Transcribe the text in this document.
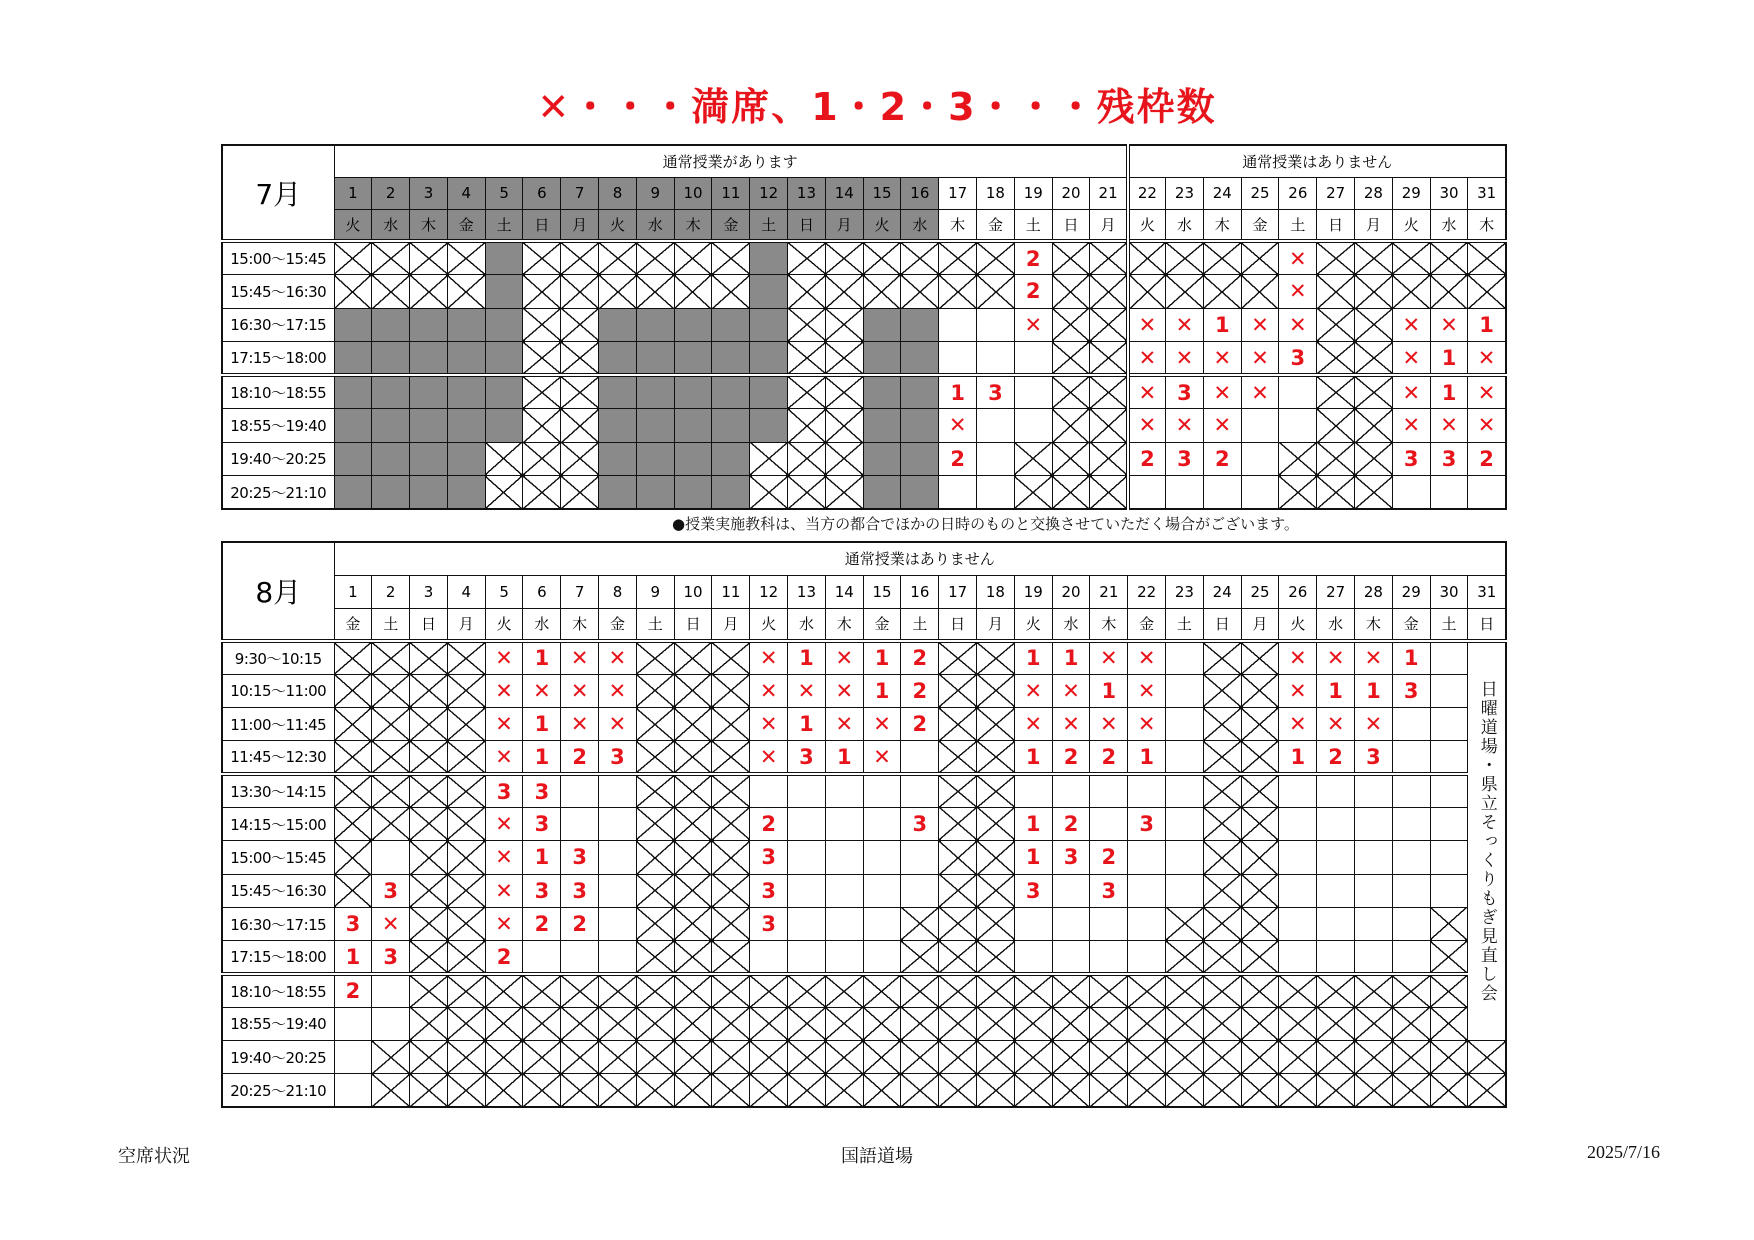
✕・・・満席、1・2・3・・・残枠数
7月	通常授業があります																					通常授業はありません									
	1	2	3	4	5	6	7	8	9	10	11	12	13	14	15	16	17	18	19	20	21	22	23	24	25	26	27	28	29	30	31
	火	水	木	金	土	日	月	火	水	木	金	土	日	月	火	水	木	金	土	日	月	火	水	木	金	土	日	月	火	水	木
15:00～15:45																			2							✕					
15:45～16:30																			2							✕					
16:30～17:15																			✕			✕	✕	1	✕	✕			✕	✕	1
17:15～18:00																						✕	✕	✕	✕	3			✕	1	✕
18:10～18:55																	1	3				✕	3	✕	✕				✕	1	✕
18:55～19:40																	✕					✕	✕	✕					✕	✕	✕
19:40～20:25																	2					2	3	2					3	3	2
20:25～21:10																															
●授業実施教科は、当方の都合でほかの日時のものと交換させていただく場合がございます。
8月	通常授業はありません																														
	1	2	3	4	5	6	7	8	9	10	11	12	13	14	15	16	17	18	19	20	21	22	23	24	25	26	27	28	29	30	31
	金	土	日	月	火	水	木	金	土	日	月	火	水	木	金	土	日	月	火	水	木	金	土	日	月	火	水	木	金	土	日
9:30～10:15					✕	1	✕	✕				✕	1	✕	1	2			1	1	✕	✕				✕	✕	✕	1		日曜道場・県立そっくりもぎ見直し会
10:15～11:00					✕	✕	✕	✕				✕	✕	✕	1	2			✕	✕	1	✕				✕	1	1	3		
11:00～11:45					✕	1	✕	✕				✕	1	✕	✕	2			✕	✕	✕	✕				✕	✕	✕			
11:45～12:30					✕	1	2	3				✕	3	1	✕				1	2	2	1				1	2	3			
13:30～14:15					3	3																									
14:15～15:00					✕	3						2				3			1	2		3									
15:00～15:45					✕	1	3					3							1	3	2										
15:45～16:30		3			✕	3	3					3							3		3										
16:30～17:15	3	✕			✕	2	2					3																			
17:15～18:00	1	3			2																										
18:10～18:55	2																														
18:55～19:40																															
19:40～20:25																															
20:25～21:10																															
空席状況	国語道場	2025/7/16
